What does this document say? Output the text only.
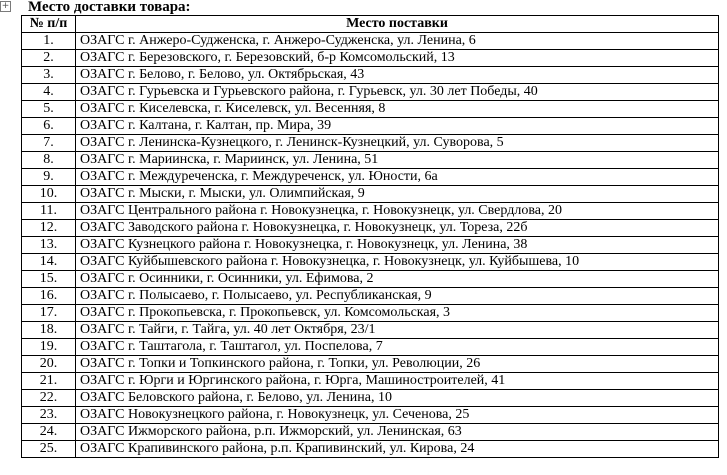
+ Место доставки товара:
№ п/п	Место поставки
1.	ОЗАГС г. Анжеро-Судженска, г. Анжеро-Судженска, ул. Ленина, 6
2.	ОЗАГС г. Березовского, г. Березовский, б-р Комсомольский, 13
3.	ОЗАГС г. Белово, г. Белово, ул. Октябрьская, 43
4.	ОЗАГС г. Гурьевска и Гурьевского района, г. Гурьевск, ул. 30 лет Победы, 40
5.	ОЗАГС г. Киселевска, г. Киселевск, ул. Весенняя, 8
6.	ОЗАГС г. Калтана, г. Калтан, пр. Мира, 39
7.	ОЗАГС г. Ленинска-Кузнецкого, г. Ленинск-Кузнецкий, ул. Суворова, 5
8.	ОЗАГС г. Мариинска, г. Мариинск, ул. Ленина, 51
9.	ОЗАГС г. Междуреченска, г. Междуреченск, ул. Юности, 6а
10.	ОЗАГС г. Мыски, г. Мыски, ул. Олимпийская, 9
11.	ОЗАГС Центрального района г. Новокузнецка, г. Новокузнецк, ул. Свердлова, 20
12.	ОЗАГС Заводского района г. Новокузнецка, г. Новокузнецк, ул. Тореза, 22б
13.	ОЗАГС Кузнецкого района г. Новокузнецка, г. Новокузнецк, ул. Ленина, 38
14.	ОЗАГС Куйбышевского района г. Новокузнецка, г. Новокузнецк, ул. Куйбышева, 10
15.	ОЗАГС г. Осинники, г. Осинники, ул. Ефимова, 2
16.	ОЗАГС г. Полысаево, г. Полысаево, ул. Республиканская, 9
17.	ОЗАГС г. Прокопьевска, г. Прокопьевск, ул. Комсомольская, 3
18.	ОЗАГС г. Тайги, г. Тайга, ул. 40 лет Октября, 23/1
19.	ОЗАГС г. Таштагола, г. Таштагол, ул. Поспелова, 7
20.	ОЗАГС г. Топки и Топкинского района, г. Топки, ул. Революции, 26
21.	ОЗАГС г. Юрги и Юргинского района, г. Юрга, Машиностроителей, 41
22.	ОЗАГС Беловского района, г. Белово, ул. Ленина, 10
23.	ОЗАГС Новокузнецкого района, г. Новокузнецк, ул. Сеченова, 25
24.	ОЗАГС Ижморского района, р.п. Ижморский, ул. Ленинская, 63
25.	ОЗАГС Крапивинского района, р.п. Крапивинский, ул. Кирова, 24
